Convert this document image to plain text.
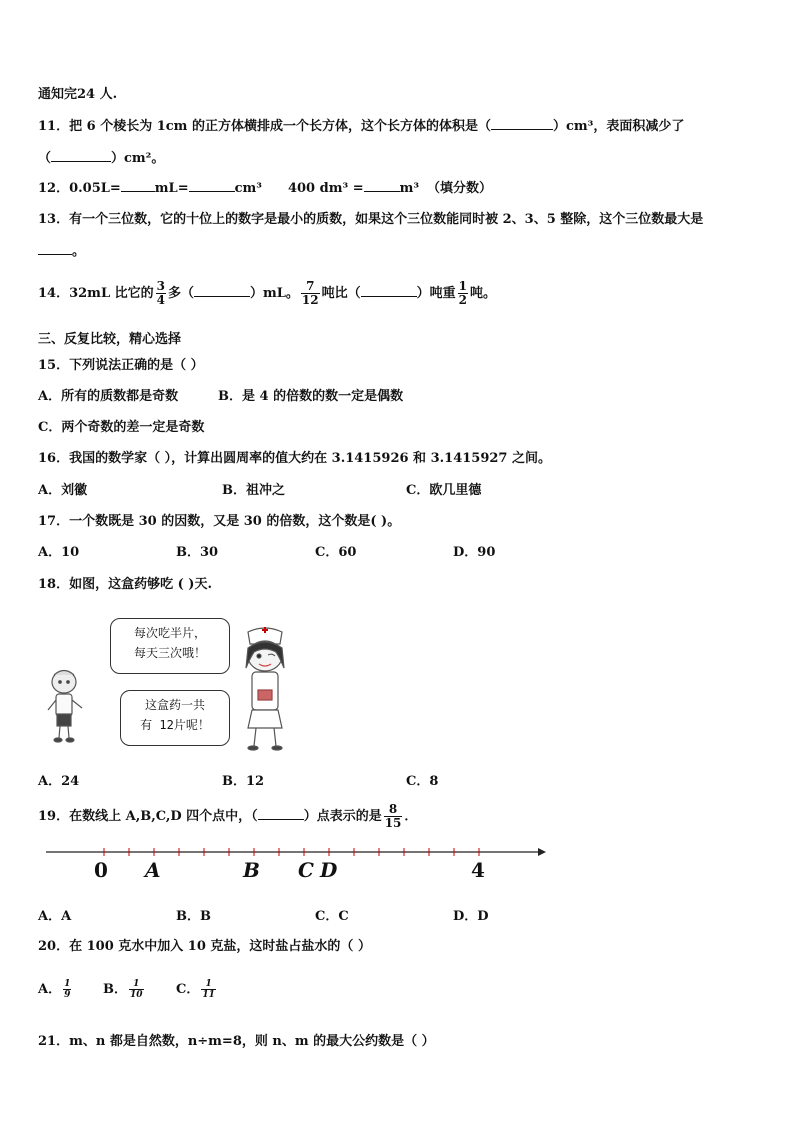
通知完24 人.
11．把 6 个棱长为 1cm 的正方体横排成一个长方体，这个长方体的体积是（	）cm³，表面积减少了
（	）cm²。
12．0.05L=	mL=	cm³ 400 dm³ =	m³ （填分数）
13．有一个三位数，它的十位上的数字是最小的质数，如果这个三位数能同时被 2、3、5 整除，这个三位数最大是
。
14．32mL 比它的 $\frac{3}{4}$ 多（	）mL。 $\frac{7}{12}$ 吨比（	）吨重 $\frac{1}{2}$ 吨。
三、反复比较，精心选择
15．下列说法正确的是（ ）
A．所有的质数都是奇数	B．是 4 的倍数的数一定是偶数
C．两个奇数的差一定是奇数
16．我国的数学家（ ），计算出圆周率的值大约在 3.1415926 和 3.1415927 之间。
A．刘徽	B．祖冲之	C．欧几里德
17．一个数既是 30 的因数，又是 30 的倍数，这个数是( )。
A．10	B．30	C．60	D．90
18．如图，这盒药够吃 ( )天.
每次吃半片，
每天三次哦！
这盒药一共
有 12片呢！
A．24	B．12	C．8
19．在数线上 A,B,C,D 四个点中，（	）点表示的是 $\frac{8}{15}$ ．
0 A	B C D	4
A．A	B．B	C．C	D．D
20．在 100 克水中加入 10 克盐，这时盐占盐水的（ ）
A． $\frac{1}{9}$ B． $\frac{1}{10}$ C． $\frac{1}{11}$
21．m、n 都是自然数，n÷m=8，则 n、m 的最大公约数是（ ）
